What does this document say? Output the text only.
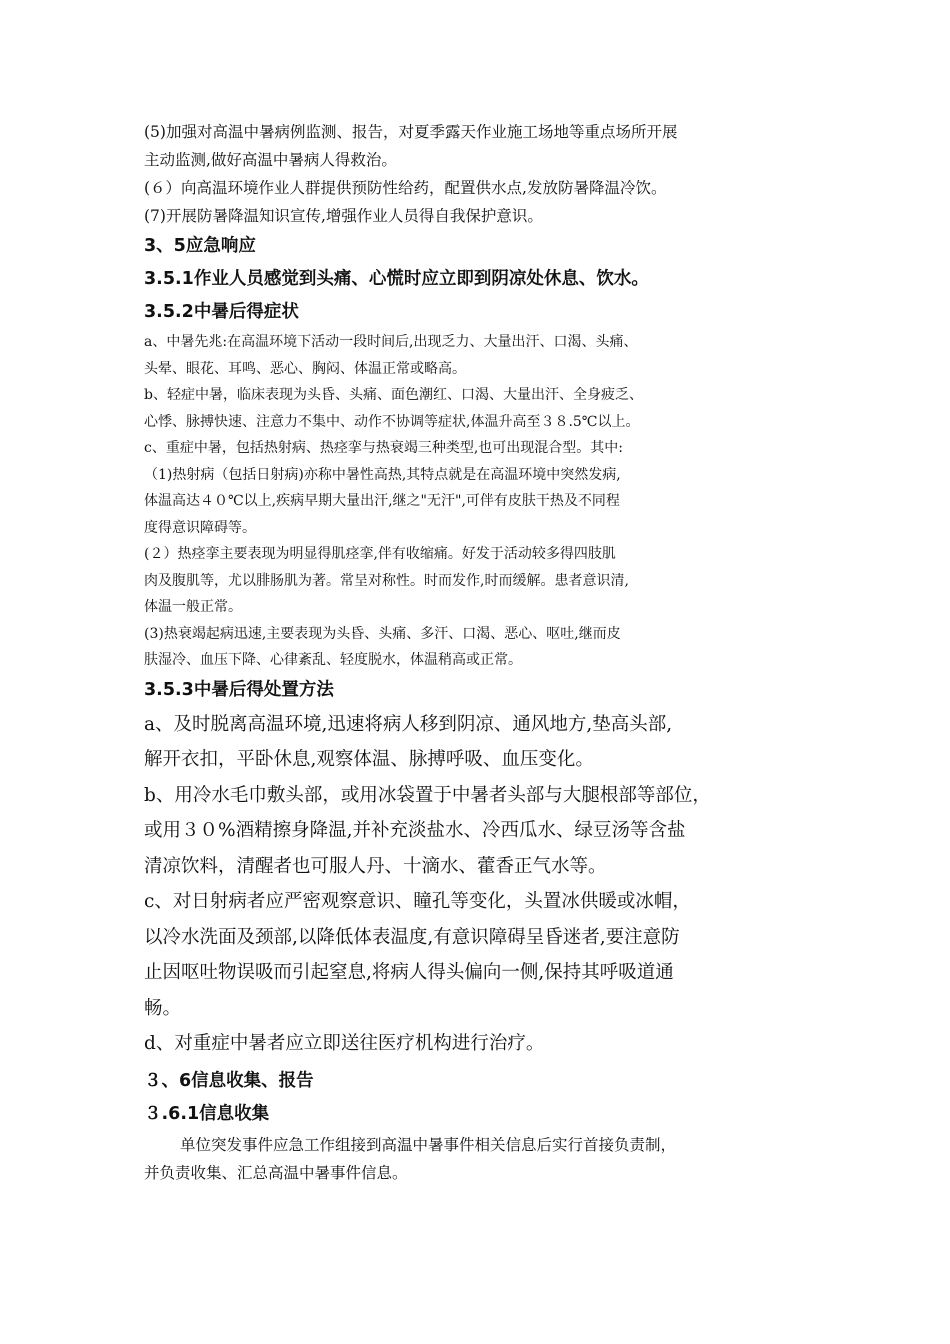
(5)加强对高温中暑病例监测、报告，对夏季露天作业施工场地等重点场所开展

主动监测,做好高温中暑病人得救治。

(６）向高温环境作业人群提供预防性给药，配置供水点,发放防暑降温冷饮。

(7)开展防暑降温知识宣传,增强作业人员得自我保护意识。

3、5应急响应

3.5.1作业人员感觉到头痛、心慌时应立即到阴凉处休息、饮水。

3.5.2中暑后得症状

a、中暑先兆:在高温环境下活动一段时间后,出现乏力、大量出汗、口渴、头痛、

头晕、眼花、耳鸣、恶心、胸闷、体温正常或略高。

b、轻症中暑，临床表现为头昏、头痛、面色潮红、口渴、大量出汗、全身疲乏、

心悸、脉搏快速、注意力不集中、动作不协调等症状,体温升高至３８.5℃以上。

c、重症中暑，包括热射病、热痉挛与热衰竭三种类型,也可出现混合型。其中:

（1)热射病（包括日射病)亦称中暑性高热,其特点就是在高温环境中突然发病,

体温高达４０℃以上,疾病早期大量出汗,继之"无汗",可伴有皮肤干热及不同程

度得意识障碍等。

(２）热痉挛主要表现为明显得肌痉挛,伴有收缩痛。好发于活动较多得四肢肌

肉及腹肌等，尤以腓肠肌为著。常呈对称性。时而发作,时而缓解。患者意识清,

体温一般正常。

(3)热衰竭起病迅速,主要表现为头昏、头痛、多汗、口渴、恶心、呕吐,继而皮

肤湿冷、血压下降、心律紊乱、轻度脱水，体温稍高或正常。

3.5.3中暑后得处置方法

a、及时脱离高温环境,迅速将病人移到阴凉、通风地方,垫高头部,

解开衣扣，平卧休息,观察体温、脉搏呼吸、血压变化。

b、用冷水毛巾敷头部，或用冰袋置于中暑者头部与大腿根部等部位，

或用３０%酒精擦身降温,并补充淡盐水、冷西瓜水、绿豆汤等含盐

清凉饮料，清醒者也可服人丹、十滴水、藿香正气水等。

c、对日射病者应严密观察意识、瞳孔等变化，头置冰供暖或冰帽，

以冷水洗面及颈部,以降低体表温度,有意识障碍呈昏迷者,要注意防

止因呕吐物误吸而引起窒息,将病人得头偏向一侧,保持其呼吸道通

畅。

d、对重症中暑者应立即送往医疗机构进行治疗。

３、6信息收集、报告

３.6.1信息收集

单位突发事件应急工作组接到高温中暑事件相关信息后实行首接负责制，

并负责收集、汇总高温中暑事件信息。
